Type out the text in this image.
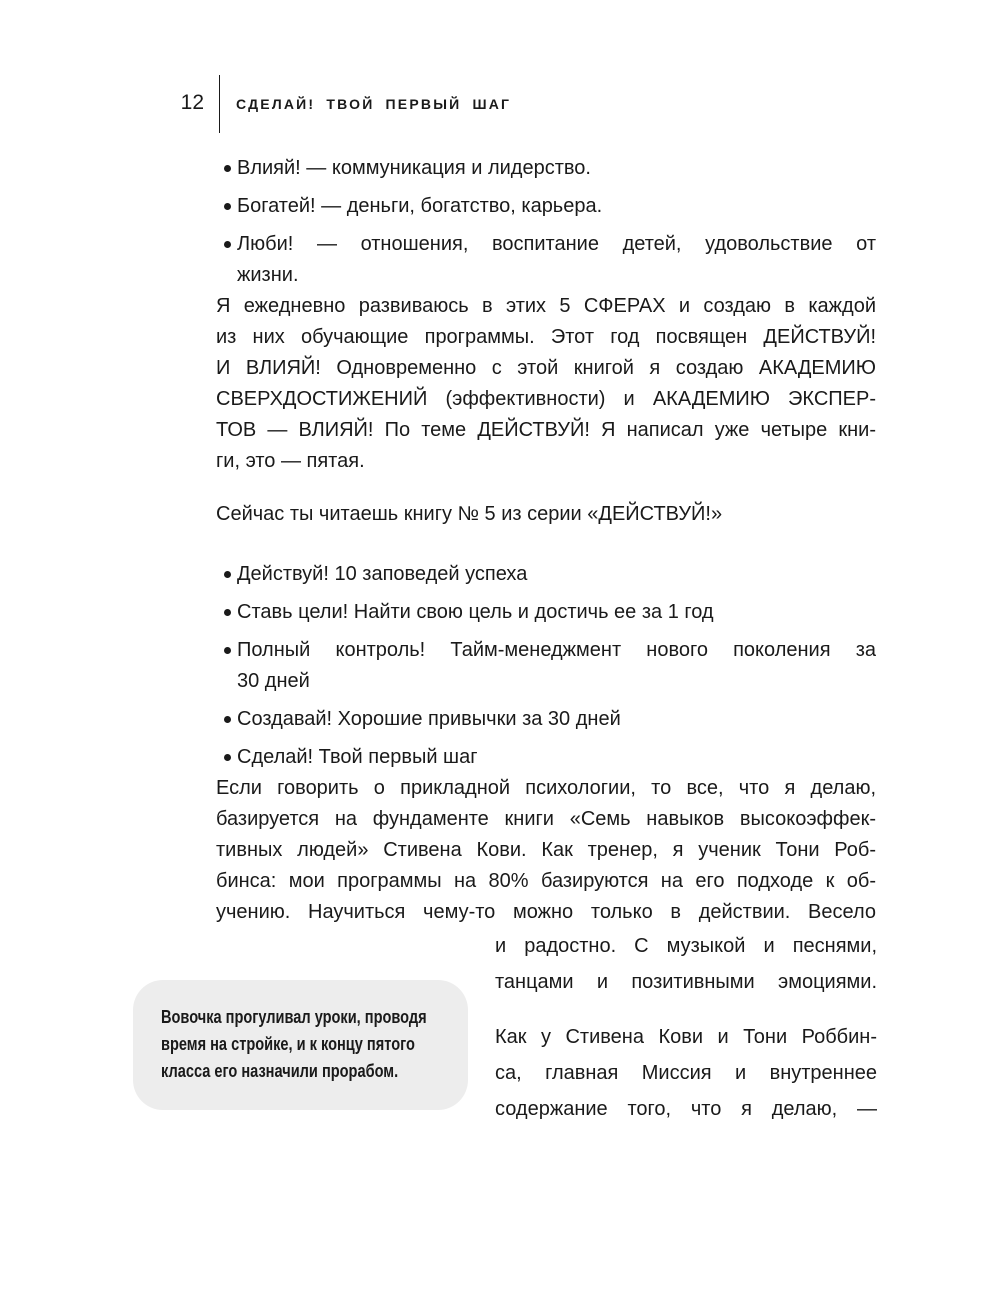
12 СДЕЛАЙ! ТВОЙ ПЕРВЫЙ ШАГ
Влияй! — коммуникация и лидерство.
Богатей! — деньги, богатство, карьера.
Люби! — отношения, воспитание детей, удовольствие от
жизни.
Я ежедневно развиваюсь в этих 5 СФЕРАХ и создаю в каждой
из них обучающие программы. Этот год посвящен ДЕЙСТВУЙ!
И ВЛИЯЙ! Одновременно с этой книгой я создаю АКАДЕМИЮ
СВЕРХДОСТИЖЕНИЙ (эффективности) и АКАДЕМИЮ ЭКСПЕР-
ТОВ — ВЛИЯЙ! По теме ДЕЙСТВУЙ! Я написал уже четыре кни-
ги, это — пятая.
Сейчас ты читаешь книгу № 5 из серии «ДЕЙСТВУЙ!»
Действуй! 10 заповедей успеха
Ставь цели! Найти свою цель и достичь ее за 1 год
Полный контроль! Тайм-менеджмент нового поколения за
30 дней
Создавай! Хорошие привычки за 30 дней
Сделай! Твой первый шаг
Если говорить о прикладной психологии, то все, что я делаю,
базируется на фундаменте книги «Семь навыков высокоэффек-
тивных людей» Стивена Кови. Как тренер, я ученик Тони Роб-
бинса: мои программы на 80% базируются на его подходе к об-
учению. Научиться чему-то можно только в действии. Весело
Вовочка прогуливал уроки, проводя
время на стройке, и к концу пятого
класса его назначили прорабом.
и радостно. С музыкой и песнями,
танцами и позитивными эмоциями.
Как у Стивена Кови и Тони Роббин-
са, главная Миссия и внутреннее
содержание того, что я делаю, —
